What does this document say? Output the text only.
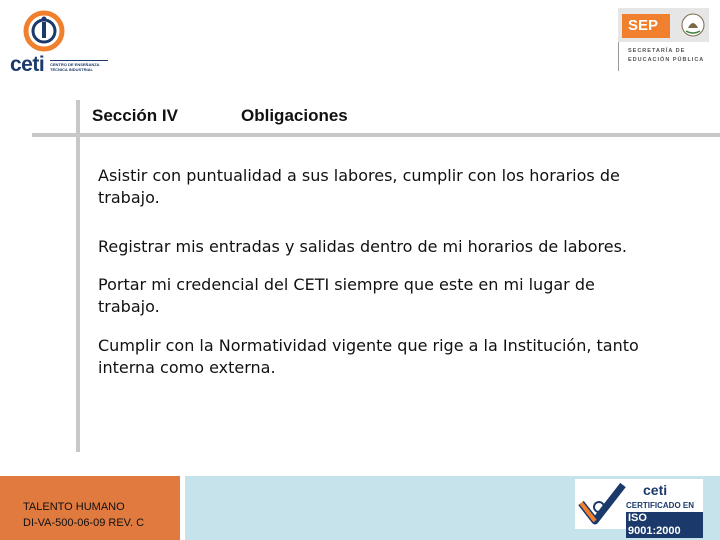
ceti CENTRO DE ENSEÑANZA TÉCNICA INDUSTRIAL
SEP
SECRETARÍA DE
EDUCACIÓN PÚBLICA
Sección IV	Obligaciones
Asistir con puntualidad a sus labores, cumplir con los horarios de trabajo.
Registrar mis entradas y salidas dentro de mi horarios de labores.
Portar mi credencial del CETI siempre que este en mi lugar de trabajo.
Cumplir con la Normatividad vigente que rige a la Institución, tanto interna como externa.
TALENTO HUMANO
DI-VA-500-06-09 REV. C
ceti
CERTIFICADO EN
ISO 9001:2000
